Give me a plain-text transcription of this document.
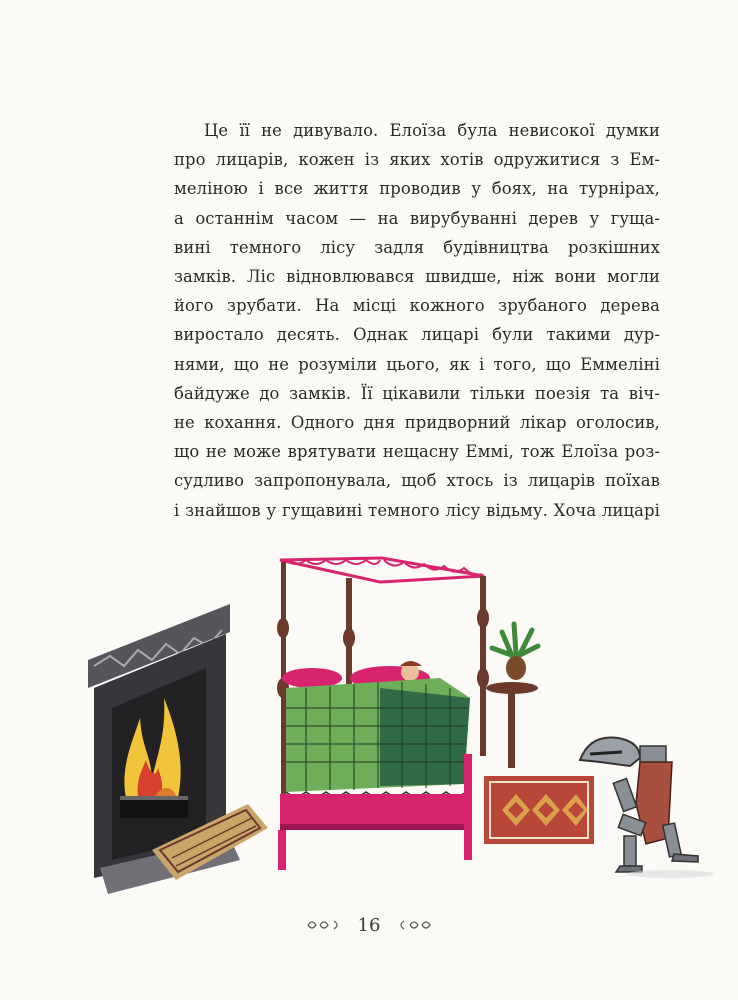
Це її не дивувало. Елоїза була невисокої думки
про лицарів, кожен із яких хотів одружитися з Ем-
меліною і все життя проводив у боях, на турнірах,
а останнім часом — на вирубуванні дерев у гуща-
вині темного лісу задля будівництва розкішних
замків. Ліс відновлювався швидше, ніж вони могли
його зрубати. На місці кожного зрубаного дерева
виростало десять. Однак лицарі були такими дур-
нями, що не розуміли цього, як і того, що Еммеліні
байдуже до замків. Її цікавили тільки поезія та віч-
не кохання. Одного дня придворний лікар оголосив,
що не може врятувати нещасну Еммі, тож Елоїза роз-
судливо запропонувала, щоб хтось із лицарів поїхав
і знайшов у гущавині темного лісу відьму. Хоча лицарі
16
